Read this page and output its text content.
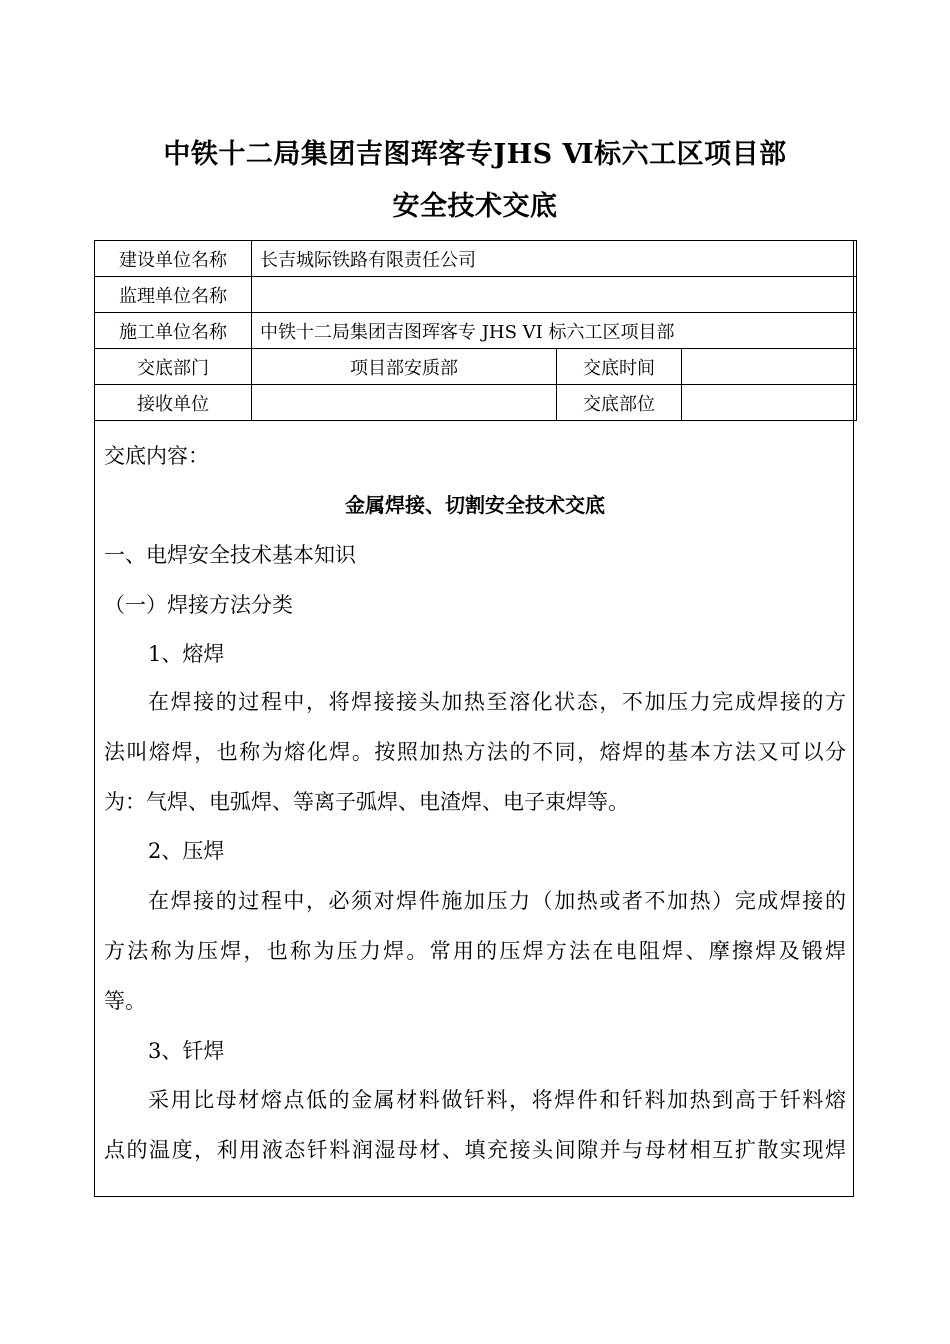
中铁十二局集团吉图珲客专JHS Ⅵ标六工区项目部
安全技术交底
建设单位名称	长吉城际铁路有限责任公司		
监理单位名称			
施工单位名称	中铁十二局集团吉图珲客专 JHS VI 标六工区项目部		
交底部门	项目部安质部	交底时间	
接收单位		交底部位	
交底内容：
金属焊接、切割安全技术交底
一、电焊安全技术基本知识
（一）焊接方法分类
1、熔焊
在焊接的过程中，将焊接接头加热至溶化状态，不加压力完成焊接的方
法叫熔焊，也称为熔化焊。按照加热方法的不同，熔焊的基本方法又可以分
为：气焊、电弧焊、等离子弧焊、电渣焊、电子束焊等。
2、压焊
在焊接的过程中，必须对焊件施加压力（加热或者不加热）完成焊接的
方法称为压焊，也称为压力焊。常用的压焊方法在电阻焊、摩擦焊及锻焊
等。
3、钎焊
采用比母材熔点低的金属材料做钎料，将焊件和钎料加热到高于钎料熔
点的温度，利用液态钎料润湿母材、填充接头间隙并与母材相互扩散实现焊
